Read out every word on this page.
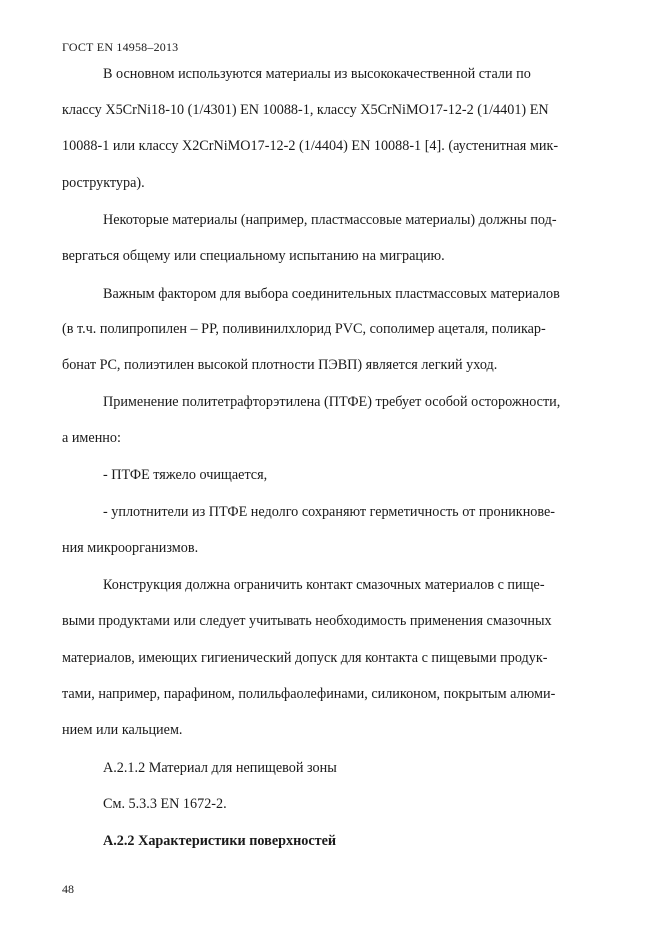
ГОСТ EN 14958–2013
В основном используются материалы из высококачественной стали по
классу X5CrNi18-10 (1/4301) EN 10088-1, классу X5CrNiMO17-12-2 (1/4401) EN
10088-1 или классу X2CrNiMO17-12-2 (1/4404) EN 10088-1 [4]. (аустенитная мик-
роструктура).
Некоторые материалы (например, пластмассовые материалы) должны под-
вергаться общему или специальному испытанию на миграцию.
Важным фактором для выбора соединительных пластмассовых материалов
(в т.ч. полипропилен – PP, поливинилхлорид PVC, сополимер ацеталя, поликар-
бонат PC, полиэтилен высокой плотности ПЭВП) является легкий уход.
Применение политетрафторэтилена (ПТФЕ) требует особой осторожности,
а именно:
- ПТФЕ тяжело очищается,
- уплотнители из ПТФЕ недолго сохраняют герметичность от проникнове-
ния микроорганизмов.
Конструкция должна ограничить контакт смазочных материалов с пище-
выми продуктами или следует учитывать необходимость применения смазочных
материалов, имеющих гигиенический допуск для контакта с пищевыми продук-
тами, например, парафином, полильфаолефинами, силиконом, покрытым алюми-
нием или кальцием.
А.2.1.2 Материал для непищевой зоны
См. 5.3.3 EN 1672-2.
А.2.2 Характеристики поверхностей
48
